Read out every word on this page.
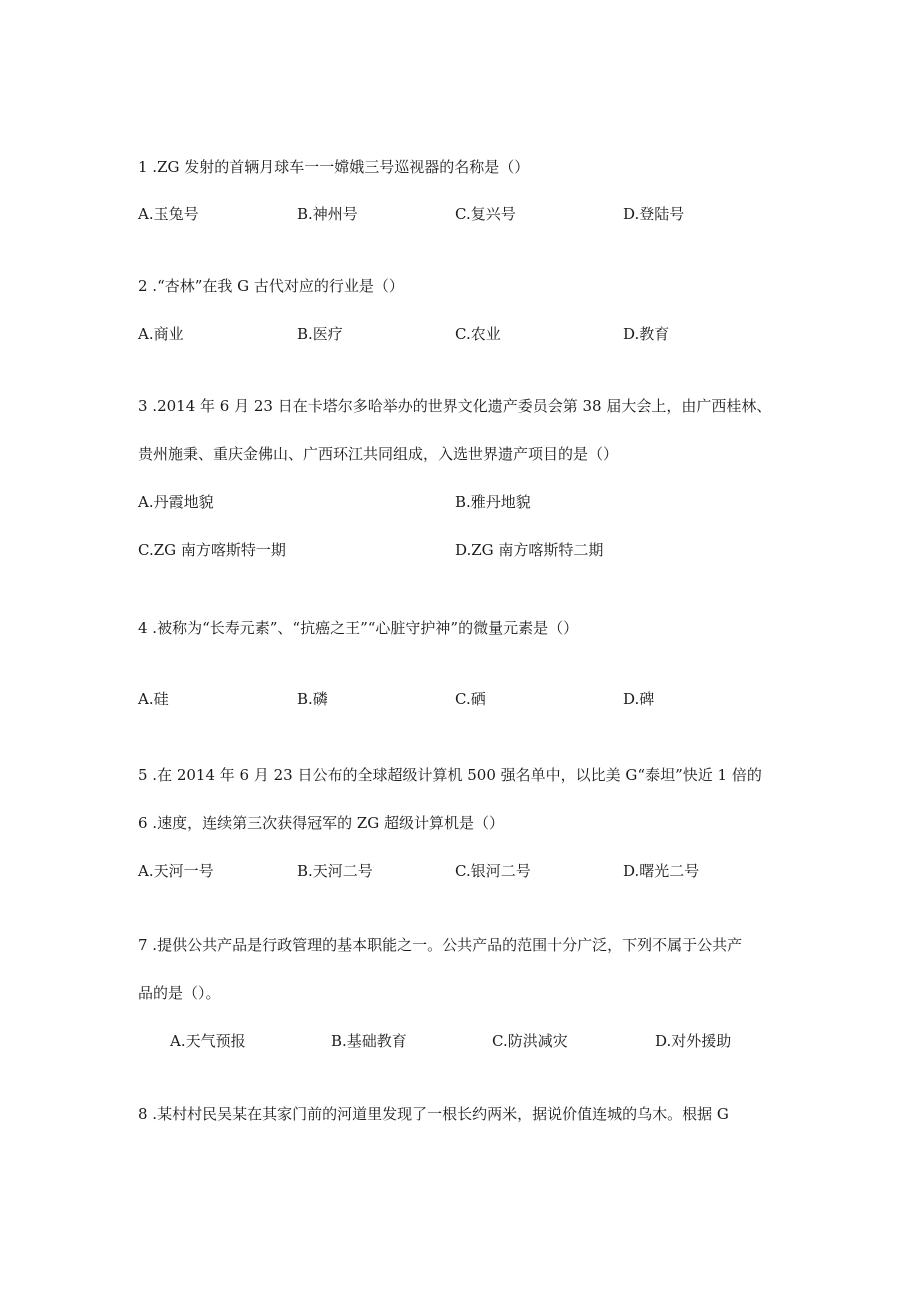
1 .ZG 发射的首辆月球车一一嫦娥三号巡视器的名称是（）
A.玉兔号	B.神州号	C.复兴号	D.登陆号
2 .“杏林”在我 G 古代对应的行业是（）
A.商业	B.医疗	C.农业	D.教育
3 .2014 年 6 月 23 日在卡塔尔多哈举办的世界文化遗产委员会第 38 届大会上，由广西桂林、
贵州施秉、重庆金佛山、广西环江共同组成，入选世界遗产项目的是（）
A.丹霞地貌	B.雅丹地貌
C.ZG 南方喀斯特一期	D.ZG 南方喀斯特二期
4 .被称为“长寿元素”、“抗癌之王”“心脏守护神”的微量元素是（）
A.硅	B.磷	C.硒	D.碑
5 .在 2014 年 6 月 23 日公布的全球超级计算机 500 强名单中，以比美 G“泰坦”快近 1 倍的
6 .速度，连续第三次获得冠军的 ZG 超级计算机是（）
A.天河一号	B.天河二号	C.银河二号	D.曙光二号
7 .提供公共产品是行政管理的基本职能之一。公共产品的范围十分广泛，下列不属于公共产
品的是（）。
A.天气预报	B.基础教育	C.防洪减灾	D.对外援助
8 .某村村民吴某在其家门前的河道里发现了一根长约两米，据说价值连城的乌木。根据 G
